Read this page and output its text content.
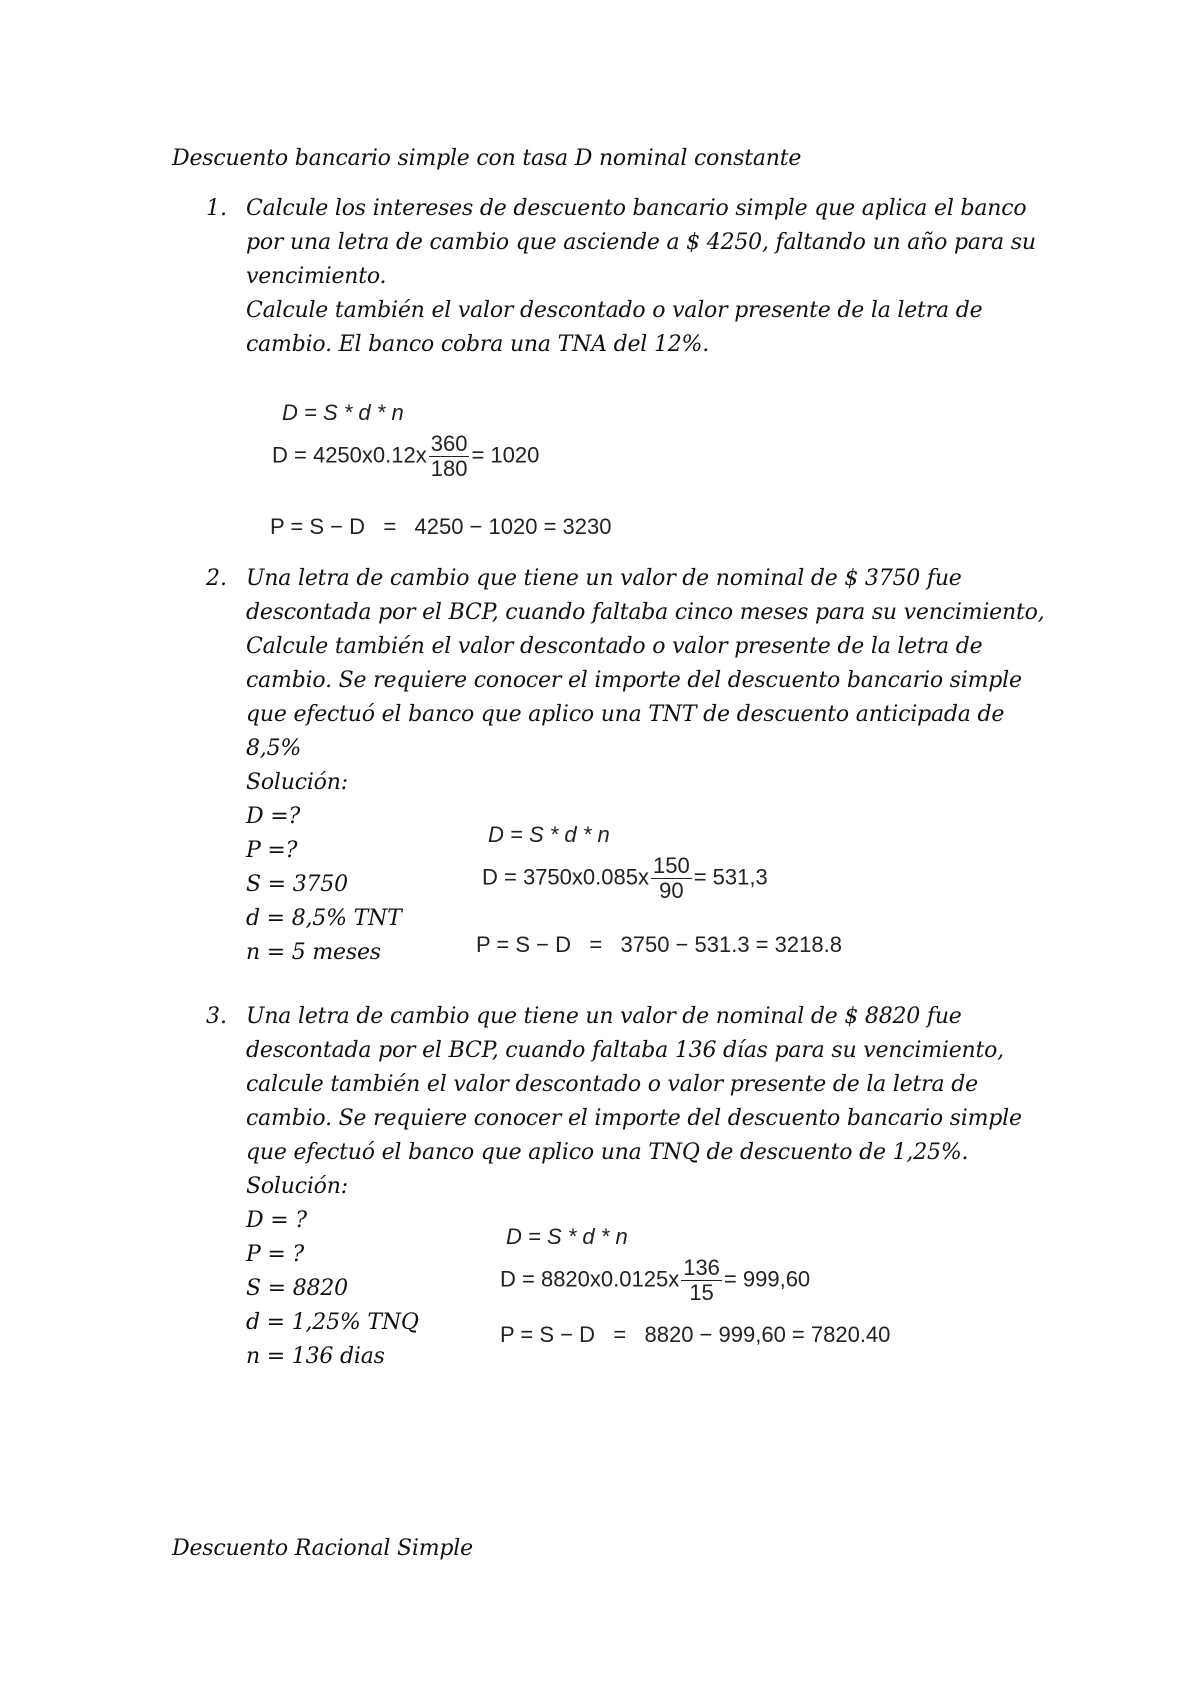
Descuento bancario simple con tasa D nominal constante
1. Calcule los intereses de descuento bancario simple que aplica el banco
por una letra de cambio que asciende a $ 4250, faltando un año para su
vencimiento.
Calcule también el valor descontado o valor presente de la letra de
cambio. El banco cobra una TNA del 12%.
D = S * d * n
$D = 4250x0.12x \frac{360}{180} = 1020$
P = S − D   =   4250 − 1020 = 3230
2. Una letra de cambio que tiene un valor de nominal de $ 3750 fue
descontada por el BCP, cuando faltaba cinco meses para su vencimiento,
Calcule también el valor descontado o valor presente de la letra de
cambio. Se requiere conocer el importe del descuento bancario simple
que efectuó el banco que aplico una TNT de descuento anticipada de
8,5%
Solución:
D =?
P =?
S = 3750
d = 8,5% TNT
n = 5 meses
D = S * d * n
$D = 3750x0.085x \frac{150}{90} = 531,3$
P = S − D   =   3750 − 531.3 = 3218.8
3. Una letra de cambio que tiene un valor de nominal de $ 8820 fue
descontada por el BCP, cuando faltaba 136 días para su vencimiento,
calcule también el valor descontado o valor presente de la letra de
cambio. Se requiere conocer el importe del descuento bancario simple
que efectuó el banco que aplico una TNQ de descuento de 1,25%.
Solución:
D = ?
P = ?
S = 8820
d = 1,25% TNQ
n = 136 dias
D = S * d * n
$D = 8820x0.0125x \frac{136}{15} = 999,60$
P = S − D   =   8820 − 999,60 = 7820.40
Descuento Racional Simple
